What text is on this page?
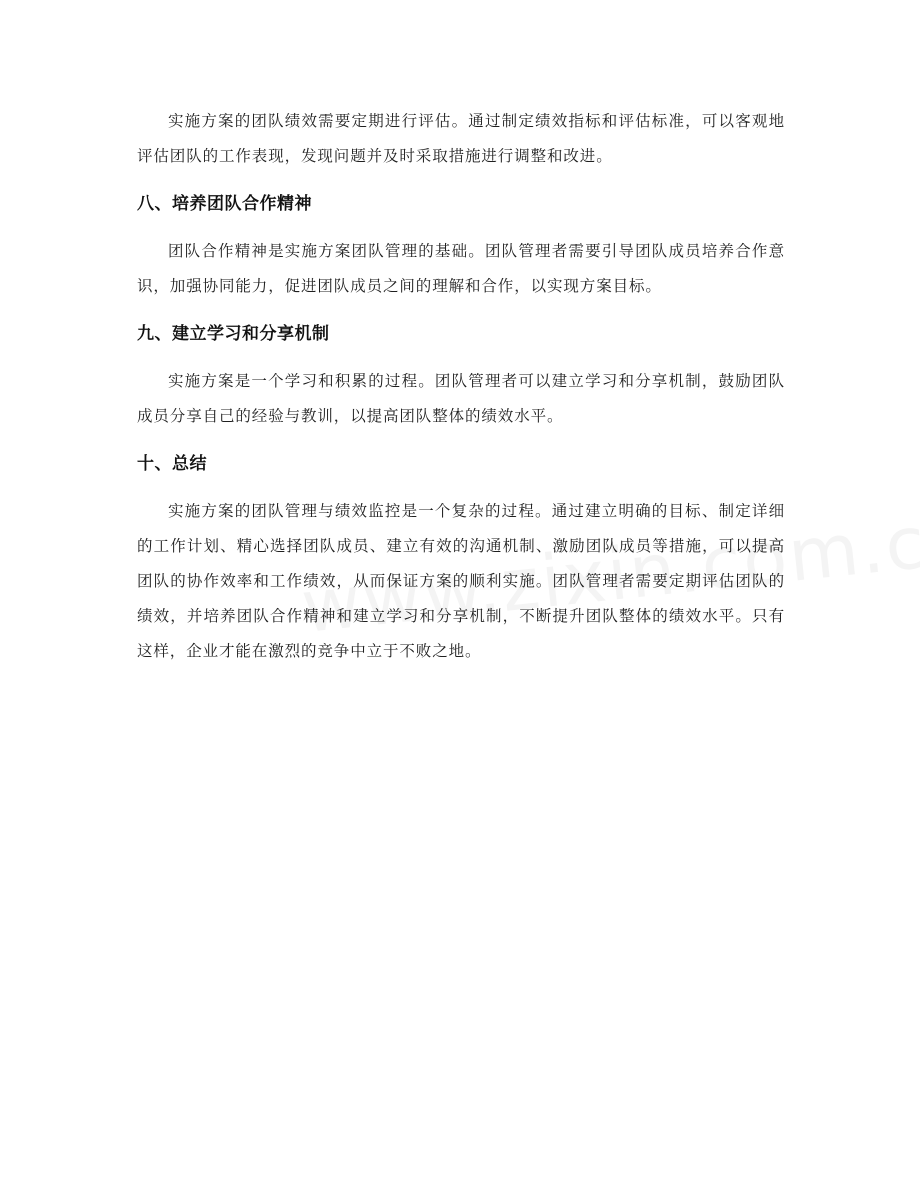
实施方案的团队绩效需要定期进行评估。通过制定绩效指标和评估标准，可以客观地评估团队的工作表现，发现问题并及时采取措施进行调整和改进。

八、培养团队合作精神

团队合作精神是实施方案团队管理的基础。团队管理者需要引导团队成员培养合作意识，加强协同能力，促进团队成员之间的理解和合作，以实现方案目标。

九、建立学习和分享机制

实施方案是一个学习和积累的过程。团队管理者可以建立学习和分享机制，鼓励团队成员分享自己的经验与教训，以提高团队整体的绩效水平。

十、总结

实施方案的团队管理与绩效监控是一个复杂的过程。通过建立明确的目标、制定详细的工作计划、精心选择团队成员、建立有效的沟通机制、激励团队成员等措施，可以提高团队的协作效率和工作绩效，从而保证方案的顺利实施。团队管理者需要定期评估团队的绩效，并培养团队合作精神和建立学习和分享机制，不断提升团队整体的绩效水平。只有这样，企业才能在激烈的竞争中立于不败之地。
